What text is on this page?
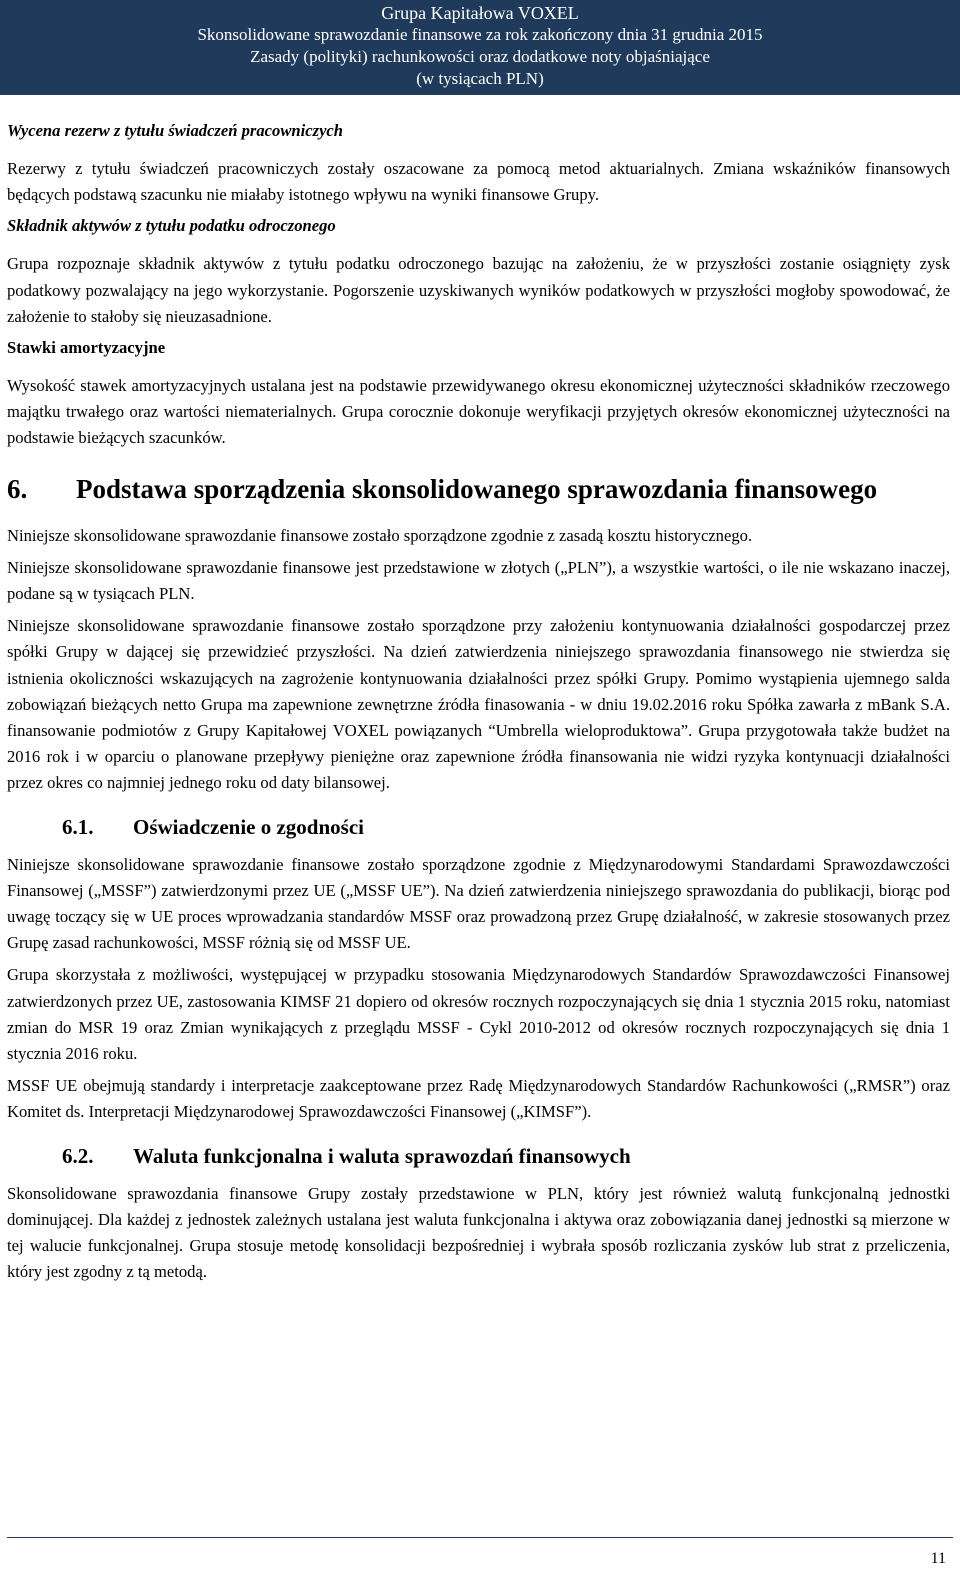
Grupa Kapitałowa VOXEL
Skonsolidowane sprawozdanie finansowe za rok zakończony dnia 31 grudnia 2015
Zasady (polityki) rachunkowości oraz dodatkowe noty objaśniające
(w tysiącach PLN)
Wycena rezerw z tytułu świadczeń pracowniczych

Rezerwy z tytułu świadczeń pracowniczych zostały oszacowane za pomocą metod aktuarialnych. Zmiana wskaźników finansowych będących podstawą szacunku nie miałaby istotnego wpływu na wyniki finansowe Grupy.

Składnik aktywów z tytułu podatku odroczonego

Grupa rozpoznaje składnik aktywów z tytułu podatku odroczonego bazując na założeniu, że w przyszłości zostanie osiągnięty zysk podatkowy pozwalający na jego wykorzystanie. Pogorszenie uzyskiwanych wyników podatkowych w przyszłości mogłoby spowodować, że założenie to stałoby się nieuzasadnione.

Stawki amortyzacyjne

Wysokość stawek amortyzacyjnych ustalana jest na podstawie przewidywanego okresu ekonomicznej użyteczności składników rzeczowego majątku trwałego oraz wartości niematerialnych. Grupa corocznie dokonuje weryfikacji przyjętych okresów ekonomicznej użyteczności na podstawie bieżących szacunków.

6.	Podstawa sporządzenia skonsolidowanego sprawozdania finansowego

Niniejsze skonsolidowane sprawozdanie finansowe zostało sporządzone zgodnie z zasadą kosztu historycznego.

Niniejsze skonsolidowane sprawozdanie finansowe jest przedstawione w złotych („PLN”), a wszystkie wartości, o ile nie wskazano inaczej, podane są w tysiącach PLN.

Niniejsze skonsolidowane sprawozdanie finansowe zostało sporządzone przy założeniu kontynuowania działalności gospodarczej przez spółki Grupy w dającej się przewidzieć przyszłości. Na dzień zatwierdzenia niniejszego sprawozdania finansowego nie stwierdza się istnienia okoliczności wskazujących na zagrożenie kontynuowania działalności przez spółki Grupy. Pomimo wystąpienia ujemnego salda zobowiązań bieżących netto Grupa ma zapewnione zewnętrzne źródła finasowania - w dniu 19.02.2016 roku Spółka zawarła z mBank S.A. finansowanie podmiotów z Grupy Kapitałowej VOXEL powiązanych “Umbrella wieloproduktowa”. Grupa przygotowała także budżet na 2016 rok i w oparciu o planowane przepływy pieniężne oraz zapewnione źródła finansowania nie widzi ryzyka kontynuacji działalności przez okres co najmniej jednego roku od daty bilansowej.

6.1.	Oświadczenie o zgodności

Niniejsze skonsolidowane sprawozdanie finansowe zostało sporządzone zgodnie z Międzynarodowymi Standardami Sprawozdawczości Finansowej („MSSF”) zatwierdzonymi przez UE („MSSF UE”). Na dzień zatwierdzenia niniejszego sprawozdania do publikacji, biorąc pod uwagę toczący się w UE proces wprowadzania standardów MSSF oraz prowadzoną przez Grupę działalność, w zakresie stosowanych przez Grupę zasad rachunkowości, MSSF różnią się od MSSF UE.

Grupa skorzystała z możliwości, występującej w przypadku stosowania Międzynarodowych Standardów Sprawozdawczości Finansowej zatwierdzonych przez UE, zastosowania KIMSF 21 dopiero od okresów rocznych rozpoczynających się dnia 1 stycznia 2015 roku, natomiast zmian do MSR 19 oraz Zmian wynikających z przeglądu MSSF - Cykl 2010-2012 od okresów rocznych rozpoczynających się dnia 1 stycznia 2016 roku.

MSSF UE obejmują standardy i interpretacje zaakceptowane przez Radę Międzynarodowych Standardów Rachunkowości („RMSR”) oraz Komitet ds. Interpretacji Międzynarodowej Sprawozdawczości Finansowej („KIMSF”).

6.2.	Waluta funkcjonalna i waluta sprawozdań finansowych

Skonsolidowane sprawozdania finansowe Grupy zostały przedstawione w PLN, który jest również walutą funkcjonalną jednostki dominującej. Dla każdej z jednostek zależnych ustalana jest waluta funkcjonalna i aktywa oraz zobowiązania danej jednostki są mierzone w tej walucie funkcjonalnej. Grupa stosuje metodę konsolidacji bezpośredniej i wybrała sposób rozliczania zysków lub strat z przeliczenia, który jest zgodny z tą metodą.

11
